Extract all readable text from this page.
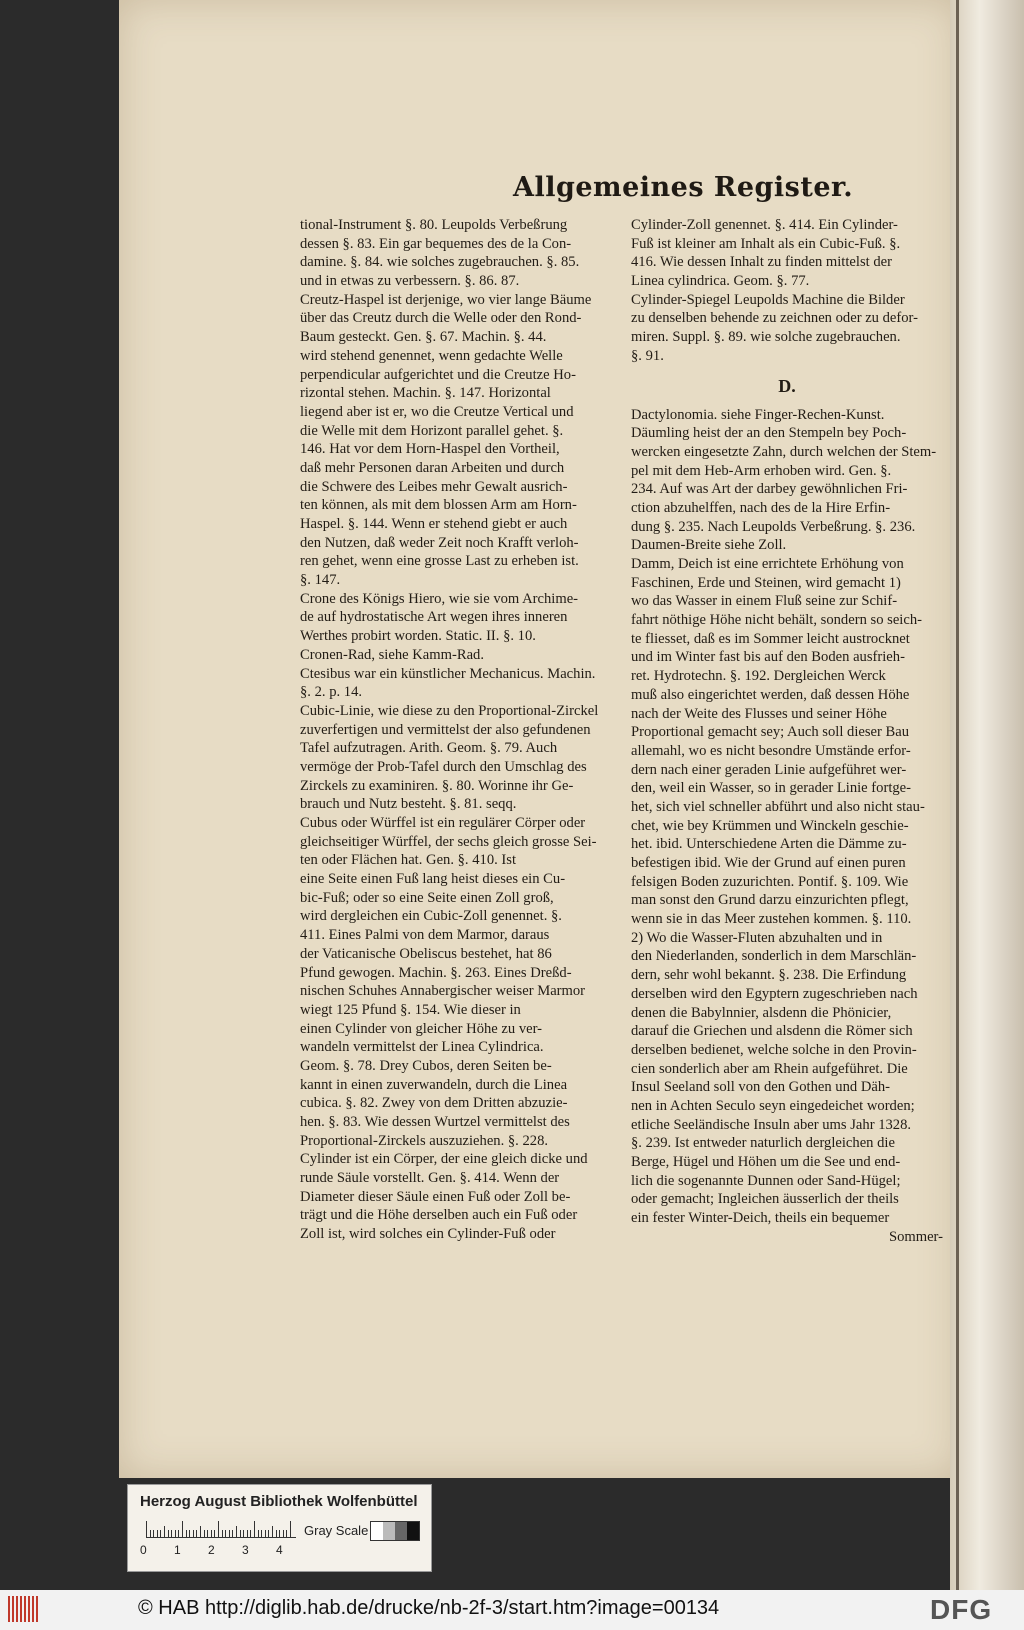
Allgemeines Register.
tional-Instrument §. 80. Leupolds Verbeßrung
dessen §. 83. Ein gar bequemes des de la Con-
damine. §. 84. wie solches zugebrauchen. §. 85.
und in etwas zu verbessern. §. 86. 87.
Creutz-Haspel ist derjenige, wo vier lange Bäume
über das Creutz durch die Welle oder den Rond-
Baum gesteckt. Gen. §. 67. Machin. §. 44.
wird stehend genennet, wenn gedachte Welle
perpendicular aufgerichtet und die Creutze Ho-
rizontal stehen. Machin. §. 147. Horizontal
liegend aber ist er, wo die Creutze Vertical und
die Welle mit dem Horizont parallel gehet. §.
146. Hat vor dem Horn-Haspel den Vortheil,
daß mehr Personen daran Arbeiten und durch
die Schwere des Leibes mehr Gewalt ausrich-
ten können, als mit dem blossen Arm am Horn-
Haspel. §. 144. Wenn er stehend giebt er auch
den Nutzen, daß weder Zeit noch Krafft verloh-
ren gehet, wenn eine grosse Last zu erheben ist.
§. 147.
Crone des Königs Hiero, wie sie vom Archime-
de auf hydrostatische Art wegen ihres inneren
Werthes probirt worden. Static. II. §. 10.
Cronen-Rad, siehe Kamm-Rad.
Ctesibus war ein künstlicher Mechanicus. Machin.
§. 2. p. 14.
Cubic-Linie, wie diese zu den Proportional-Zirckel
zuverfertigen und vermittelst der also gefundenen
Tafel aufzutragen. Arith. Geom. §. 79. Auch
vermöge der Prob-Tafel durch den Umschlag des
Zirckels zu examiniren. §. 80. Worinne ihr Ge-
brauch und Nutz besteht. §. 81. seqq.
Cubus oder Würffel ist ein regulärer Cörper oder
gleichseitiger Würffel, der sechs gleich grosse Sei-
ten oder Flächen hat. Gen. §. 410. Ist
eine Seite einen Fuß lang heist dieses ein Cu-
bic-Fuß; oder so eine Seite einen Zoll groß,
wird dergleichen ein Cubic-Zoll genennet. §.
411. Eines Palmi von dem Marmor, daraus
der Vaticanische Obeliscus bestehet, hat 86
Pfund gewogen. Machin. §. 263. Eines Dreßd-
nischen Schuhes Annabergischer weiser Marmor
wiegt 125 Pfund §. 154. Wie dieser in
einen Cylinder von gleicher Höhe zu ver-
wandeln vermittelst der Linea Cylindrica.
Geom. §. 78. Drey Cubos, deren Seiten be-
kannt in einen zuverwandeln, durch die Linea
cubica. §. 82. Zwey von dem Dritten abzuzie-
hen. §. 83. Wie dessen Wurtzel vermittelst des
Proportional-Zirckels auszuziehen. §. 228.
Cylinder ist ein Cörper, der eine gleich dicke und
runde Säule vorstellt. Gen. §. 414. Wenn der
Diameter dieser Säule einen Fuß oder Zoll be-
trägt und die Höhe derselben auch ein Fuß oder
Zoll ist, wird solches ein Cylinder-Fuß oder
Cylinder-Zoll genennet. §. 414. Ein Cylinder-
Fuß ist kleiner am Inhalt als ein Cubic-Fuß. §.
416. Wie dessen Inhalt zu finden mittelst der
Linea cylindrica. Geom. §. 77.
Cylinder-Spiegel Leupolds Machine die Bilder
zu denselben behende zu zeichnen oder zu defor-
miren. Suppl. §. 89. wie solche zugebrauchen.
§. 91.
D.
Dactylonomia. siehe Finger-Rechen-Kunst.
Däumling heist der an den Stempeln bey Poch-
wercken eingesetzte Zahn, durch welchen der Stem-
pel mit dem Heb-Arm erhoben wird. Gen. §.
234. Auf was Art der darbey gewöhnlichen Fri-
ction abzuhelffen, nach des de la Hire Erfin-
dung §. 235. Nach Leupolds Verbeßrung. §. 236.
Daumen-Breite siehe Zoll.
Damm, Deich ist eine errichtete Erhöhung von
Faschinen, Erde und Steinen, wird gemacht 1)
wo das Wasser in einem Fluß seine zur Schif-
fahrt nöthige Höhe nicht behält, sondern so seich-
te fliesset, daß es im Sommer leicht austrocknet
und im Winter fast bis auf den Boden ausfrieh-
ret. Hydrotechn. §. 192. Dergleichen Werck
muß also eingerichtet werden, daß dessen Höhe
nach der Weite des Flusses und seiner Höhe
Proportional gemacht sey; Auch soll dieser Bau
allemahl, wo es nicht besondre Umstände erfor-
dern nach einer geraden Linie aufgeführet wer-
den, weil ein Wasser, so in gerader Linie fortge-
het, sich viel schneller abführt und also nicht stau-
chet, wie bey Krümmen und Winckeln geschie-
het. ibid. Unterschiedene Arten die Dämme zu-
befestigen ibid. Wie der Grund auf einen puren
felsigen Boden zuzurichten. Pontif. §. 109. Wie
man sonst den Grund darzu einzurichten pflegt,
wenn sie in das Meer zustehen kommen. §. 110.
2) Wo die Wasser-Fluten abzuhalten und in
den Niederlanden, sonderlich in dem Marschlän-
dern, sehr wohl bekannt. §. 238. Die Erfindung
derselben wird den Egyptern zugeschrieben nach
denen die Babylnnier, alsdenn die Phönicier,
darauf die Griechen und alsdenn die Römer sich
derselben bedienet, welche solche in den Provin-
cien sonderlich aber am Rhein aufgeführet. Die
Insul Seeland soll von den Gothen und Däh-
nen in Achten Seculo seyn eingedeichet worden;
etliche Seeländische Insuln aber ums Jahr 1328.
§. 239. Ist entweder naturlich dergleichen die
Berge, Hügel und Höhen um die See und end-
lich die sogenannte Dunnen oder Sand-Hügel;
oder gemacht; Ingleichen äusserlich der theils
ein fester Winter-Deich, theils ein bequemer
Sommer-
Herzog August Bibliothek Wolfenbüttel
0 1 2 3 4
Gray Scale
© HAB http://diglib.hab.de/drucke/nb-2f-3/start.htm?image=00134	DFG
